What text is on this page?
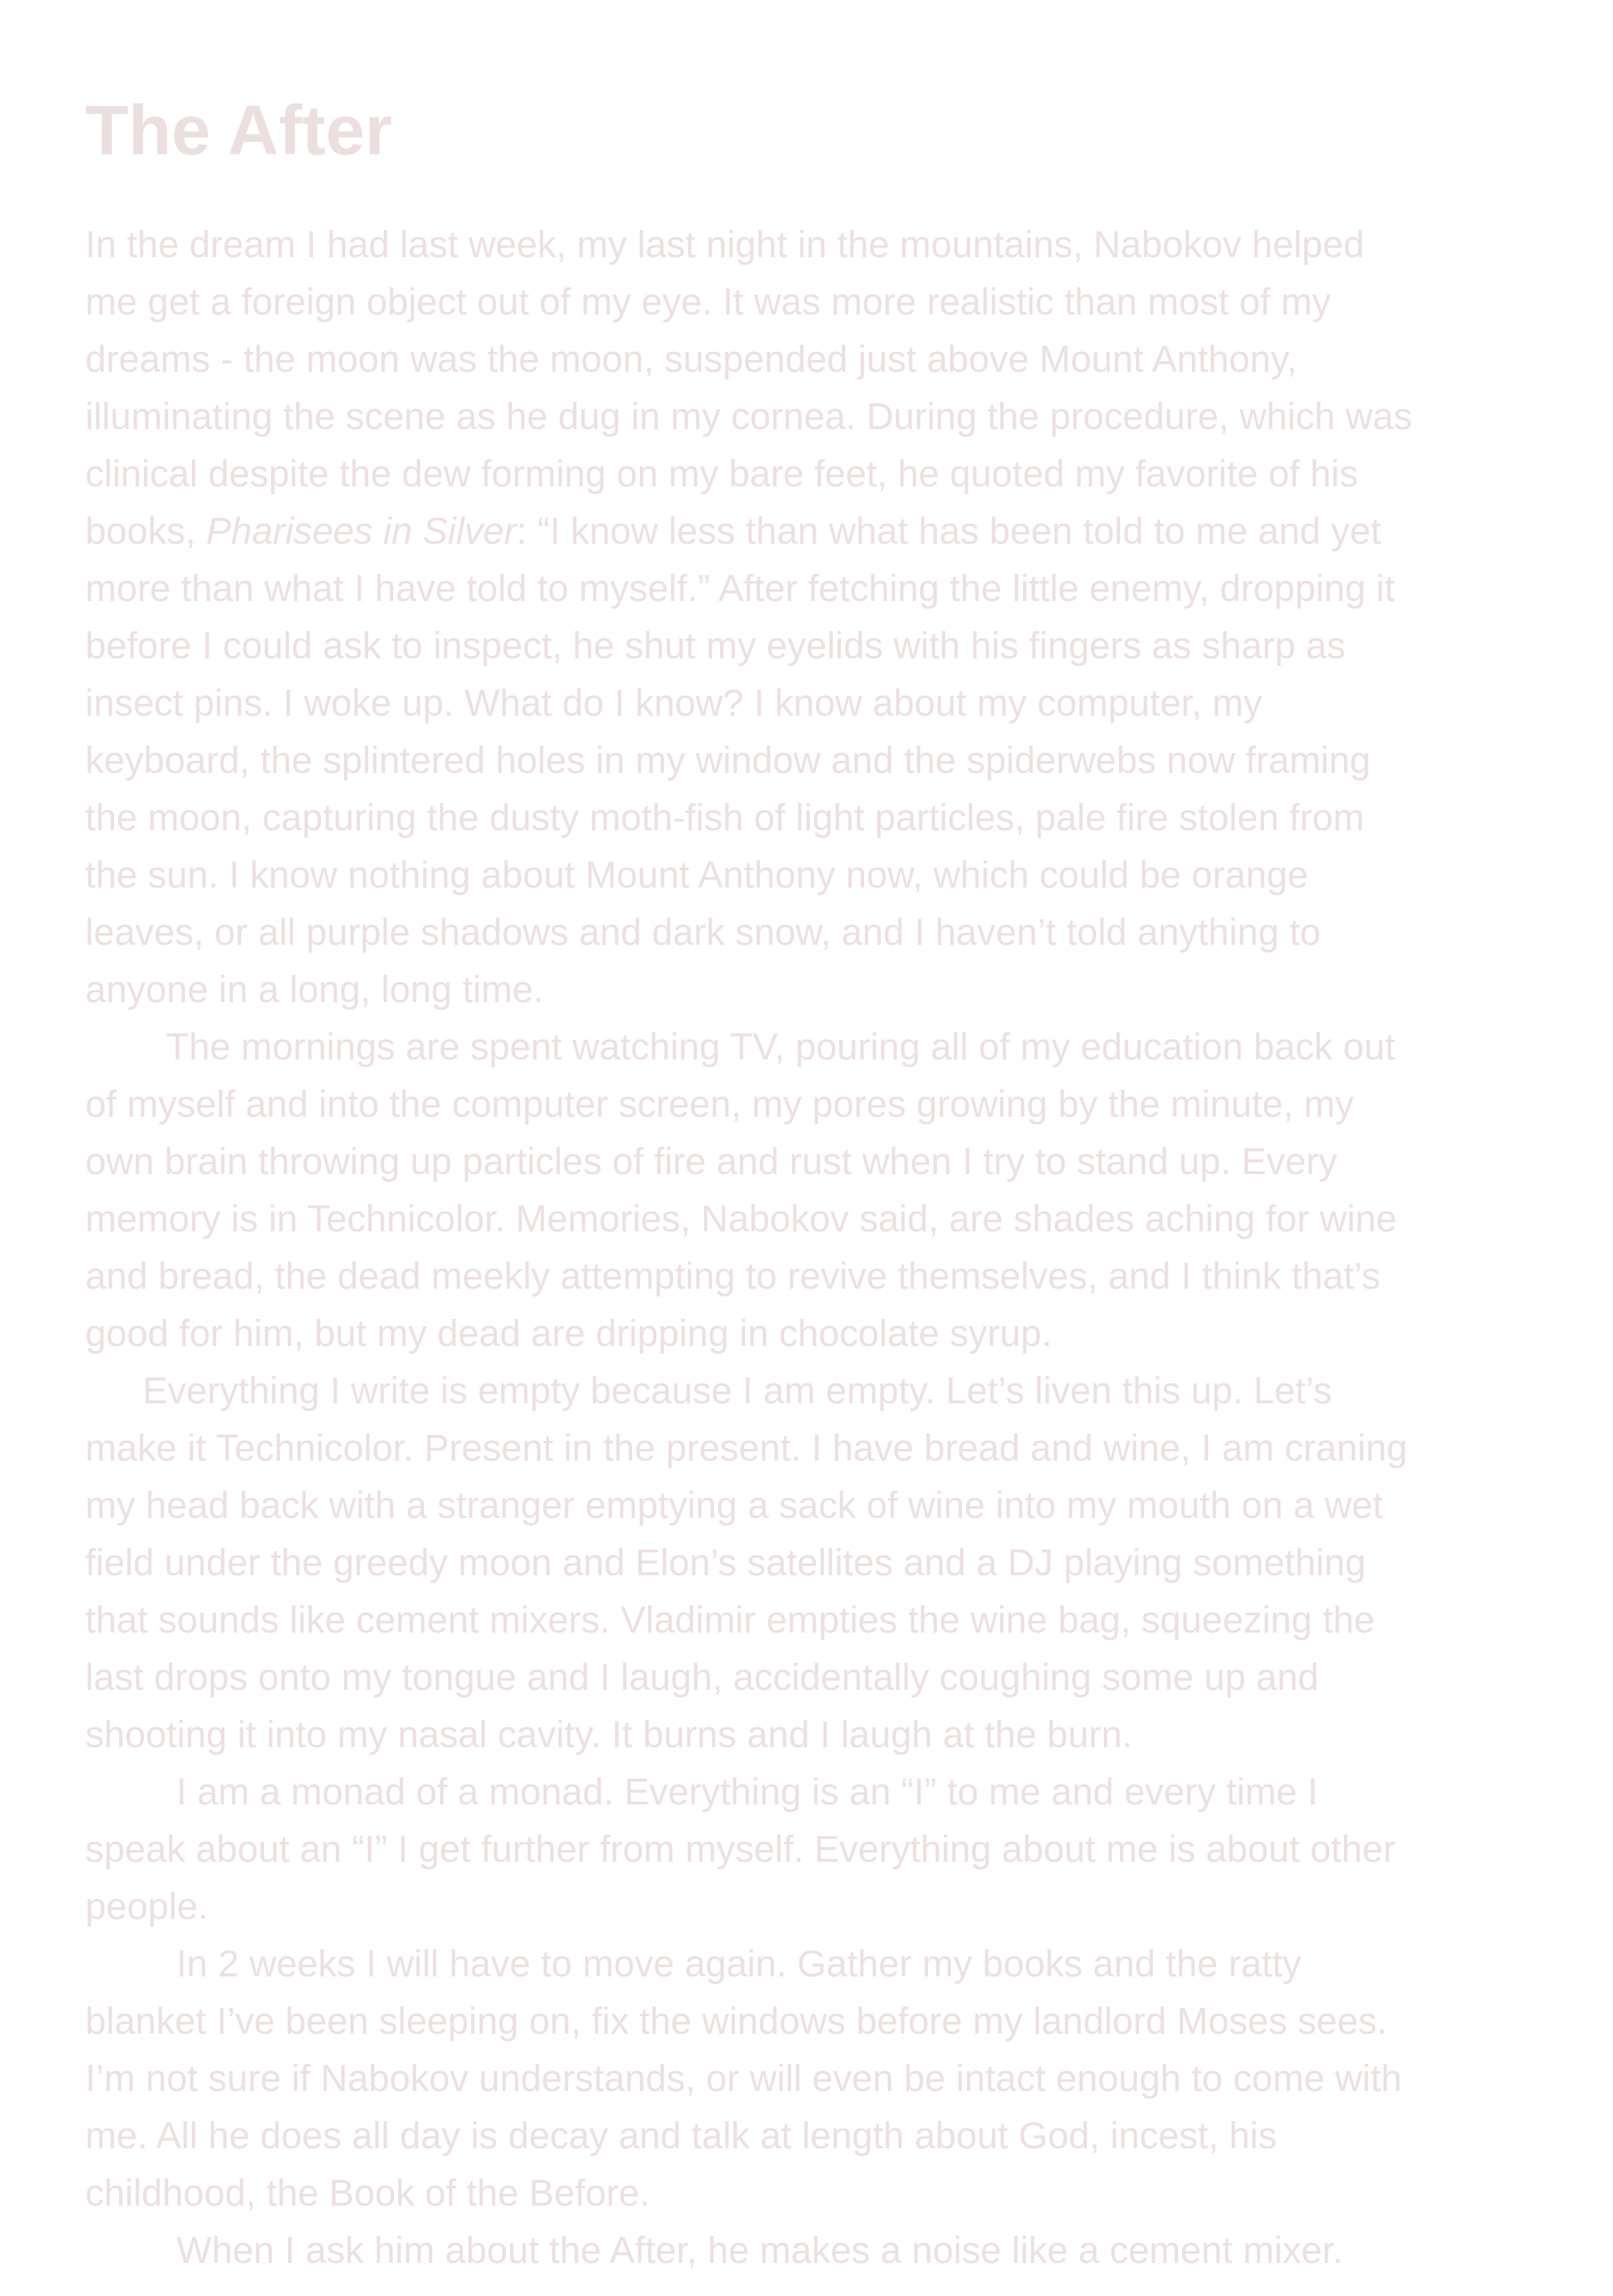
The After
In the dream I had last week, my last night in the mountains, Nabokov helped
me get a foreign object out of my eye. It was more realistic than most of my
dreams - the moon was the moon, suspended just above Mount Anthony,
illuminating the scene as he dug in my cornea. During the procedure, which was
clinical despite the dew forming on my bare feet, he quoted my favorite of his
books, Pharisees in Silver: “I know less than what has been told to me and yet
more than what I have told to myself.” After fetching the little enemy, dropping it
before I could ask to inspect, he shut my eyelids with his fingers as sharp as
insect pins. I woke up. What do I know? I know about my computer, my
keyboard, the splintered holes in my window and the spiderwebs now framing
the moon, capturing the dusty moth-fish of light particles, pale fire stolen from
the sun. I know nothing about Mount Anthony now, which could be orange
leaves, or all purple shadows and dark snow, and I haven’t told anything to
anyone in a long, long time.
The mornings are spent watching TV, pouring all of my education back out
of myself and into the computer screen, my pores growing by the minute, my
own brain throwing up particles of fire and rust when I try to stand up. Every
memory is in Technicolor. Memories, Nabokov said, are shades aching for wine
and bread, the dead meekly attempting to revive themselves, and I think that’s
good for him, but my dead are dripping in chocolate syrup.
Everything I write is empty because I am empty. Let’s liven this up. Let’s
make it Technicolor. Present in the present. I have bread and wine, I am craning
my head back with a stranger emptying a sack of wine into my mouth on a wet
field under the greedy moon and Elon’s satellites and a DJ playing something
that sounds like cement mixers. Vladimir empties the wine bag, squeezing the
last drops onto my tongue and I laugh, accidentally coughing some up and
shooting it into my nasal cavity. It burns and I laugh at the burn.
I am a monad of a monad. Everything is an “I” to me and every time I
speak about an “I” I get further from myself. Everything about me is about other
people.
In 2 weeks I will have to move again. Gather my books and the ratty
blanket I’ve been sleeping on, fix the windows before my landlord Moses sees.
I’m not sure if Nabokov understands, or will even be intact enough to come with
me. All he does all day is decay and talk at length about God, incest, his
childhood, the Book of the Before.
When I ask him about the After, he makes a noise like a cement mixer.
